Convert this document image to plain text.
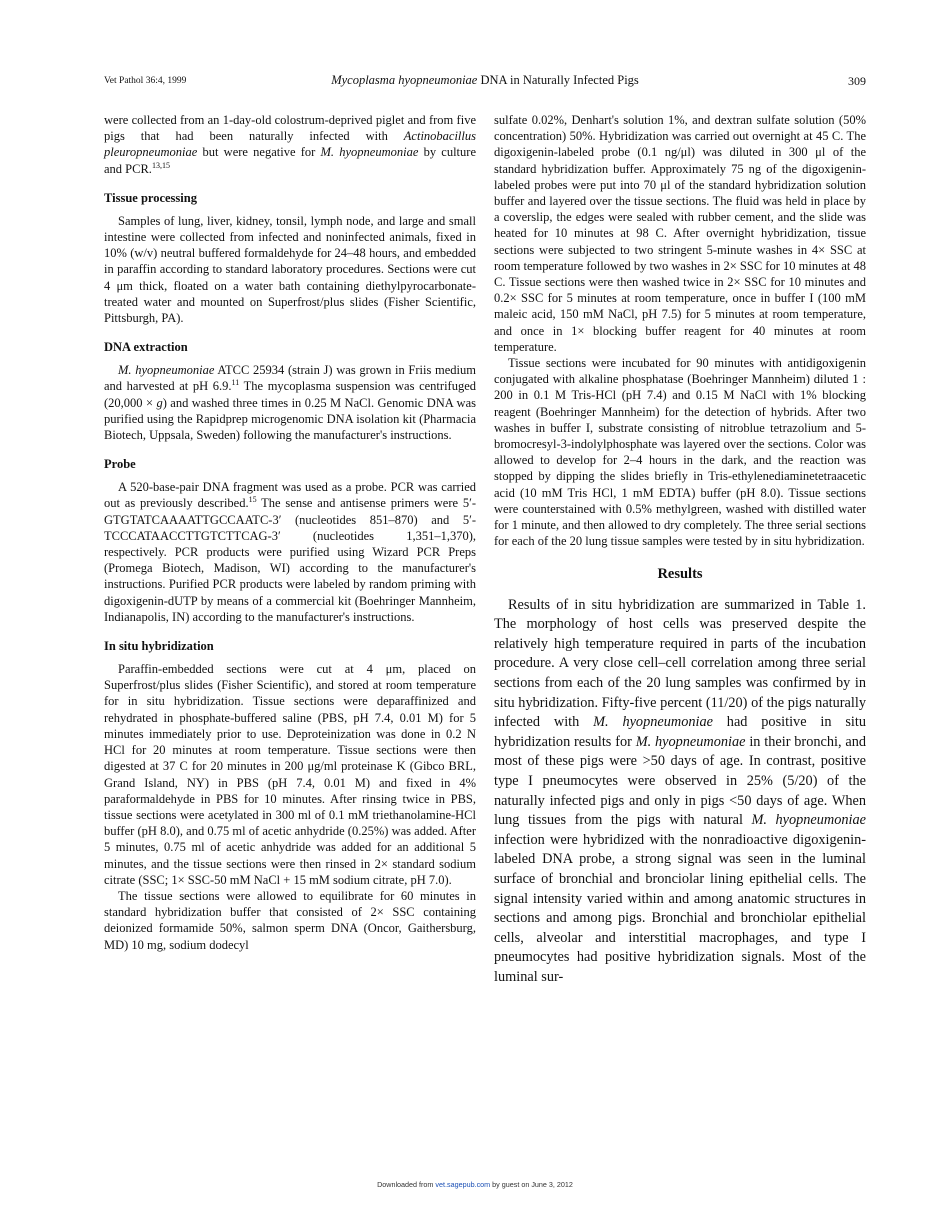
Vet Pathol 36:4, 1999	Mycoplasma hyopneumoniae DNA in Naturally Infected Pigs	309

were collected from an 1-day-old colostrum-deprived piglet and from five pigs that had been naturally infected with Actinobacillus pleuropneumoniae but were negative for M. hyopneumoniae by culture and PCR.$^{13,15}$

Tissue processing

Samples of lung, liver, kidney, tonsil, lymph node, and large and small intestine were collected from infected and noninfected animals, fixed in 10% (w/v) neutral buffered formaldehyde for 24–48 hours, and embedded in paraffin according to standard laboratory procedures. Sections were cut 4 μm thick, floated on a water bath containing diethylpyrocarbonate-treated water and mounted on Superfrost/plus slides (Fisher Scientific, Pittsburgh, PA).

DNA extraction

M. hyopneumoniae ATCC 25934 (strain J) was grown in Friis medium and harvested at pH 6.9.11 The mycoplasma suspension was centrifuged (20,000 × g) and washed three times in 0.25 M NaCl. Genomic DNA was purified using the Rapidprep microgenomic DNA isolation kit (Pharmacia Biotech, Uppsala, Sweden) following the manufacturer's instructions.

Probe

A 520-base-pair DNA fragment was used as a probe. PCR was carried out as previously described.$^{15}$ The sense and antisense primers were 5′-GTGTATCAAAATTGCCAATC-3′ (nucleotides 851–870) and 5′-TCCCATAACCTTGTCTTCAG-3′ (nucleotides 1,351–1,370), respectively. PCR products were purified using Wizard PCR Preps (Promega Biotech, Madison, WI) according to the manufacturer's instructions. Purified PCR products were labeled by random priming with digoxigenin-dUTP by means of a commercial kit (Boehringer Mannheim, Indianapolis, IN) according to the manufacturer's instructions.

In situ hybridization

Paraffin-embedded sections were cut at 4 μm, placed on Superfrost/plus slides (Fisher Scientific), and stored at room temperature for in situ hybridization. Tissue sections were deparaffinized and rehydrated in phosphate-buffered saline (PBS, pH 7.4, 0.01 M) for 5 minutes immediately prior to use. Deproteinization was done in 0.2 N HCl for 20 minutes at room temperature. Tissue sections were then digested at 37 C for 20 minutes in 200 μg/ml proteinase K (Gibco BRL, Grand Island, NY) in PBS (pH 7.4, 0.01 M) and fixed in 4% paraformaldehyde in PBS for 10 minutes. After rinsing twice in PBS, tissue sections were acetylated in 300 ml of 0.1 mM triethanolamine-HCl buffer (pH 8.0), and 0.75 ml of acetic anhydride (0.25%) was added. After 5 minutes, 0.75 ml of acetic anhydride was added for an additional 5 minutes, and the tissue sections were then rinsed in 2× standard sodium citrate (SSC; 1× SSC-50 mM NaCl + 15 mM sodium citrate, pH 7.0).

The tissue sections were allowed to equilibrate for 60 minutes in standard hybridization buffer that consisted of 2× SSC containing deionized formamide 50%, salmon sperm DNA (Oncor, Gaithersburg, MD) 10 mg, sodium dodecyl

sulfate 0.02%, Denhart's solution 1%, and dextran sulfate solution (50% concentration) 50%. Hybridization was carried out overnight at 45 C. The digoxigenin-labeled probe (0.1 ng/μl) was diluted in 300 μl of the standard hybridization buffer. Approximately 75 ng of the digoxigenin-labeled probes were put into 70 μl of the standard hybridization solution buffer and layered over the tissue sections. The fluid was held in place by a coverslip, the edges were sealed with rubber cement, and the slide was heated for 10 minutes at 98 C. After overnight hybridization, tissue sections were subjected to two stringent 5-minute washes in 4× SSC at room temperature followed by two washes in 2× SSC for 10 minutes at 48 C. Tissue sections were then washed twice in 2× SSC for 10 minutes and 0.2× SSC for 5 minutes at room temperature, once in buffer I (100 mM maleic acid, 150 mM NaCl, pH 7.5) for 5 minutes at room temperature, and once in 1× blocking buffer reagent for 40 minutes at room temperature.

Tissue sections were incubated for 90 minutes with antidigoxigenin conjugated with alkaline phosphatase (Boehringer Mannheim) diluted 1 : 200 in 0.1 M Tris-HCl (pH 7.4) and 0.15 M NaCl with 1% blocking reagent (Boehringer Mannheim) for the detection of hybrids. After two washes in buffer I, substrate consisting of nitroblue tetrazolium and 5-bromocresyl-3-indolylphosphate was layered over the sections. Color was allowed to develop for 2–4 hours in the dark, and the reaction was stopped by dipping the slides briefly in Tris-ethylenediaminetetraacetic acid (10 mM Tris HCl, 1 mM EDTA) buffer (pH 8.0). Tissue sections were counterstained with 0.5% methylgreen, washed with distilled water for 1 minute, and then allowed to dry completely. The three serial sections for each of the 20 lung tissue samples were tested by in situ hybridization.

Results

Results of in situ hybridization are summarized in Table 1. The morphology of host cells was preserved despite the relatively high temperature required in parts of the incubation procedure. A very close cell–cell correlation among three serial sections from each of the 20 lung samples was confirmed by in situ hybridization. Fifty-five percent (11/20) of the pigs naturally infected with M. hyopneumoniae had positive in situ hybridization results for M. hyopneumoniae in their bronchi, and most of these pigs were >50 days of age. In contrast, positive type I pneumocytes were observed in 25% (5/20) of the naturally infected pigs and only in pigs <50 days of age. When lung tissues from the pigs with natural M. hyopneumoniae infection were hybridized with the nonradioactive digoxigenin-labeled DNA probe, a strong signal was seen in the luminal surface of bronchial and bronciolar lining epithelial cells. The signal intensity varied within and among anatomic structures in sections and among pigs. Bronchial and bronchiolar epithelial cells, alveolar and interstitial macrophages, and type I pneumocytes had positive hybridization signals. Most of the luminal sur-

Downloaded from vet.sagepub.com by guest on June 3, 2012
